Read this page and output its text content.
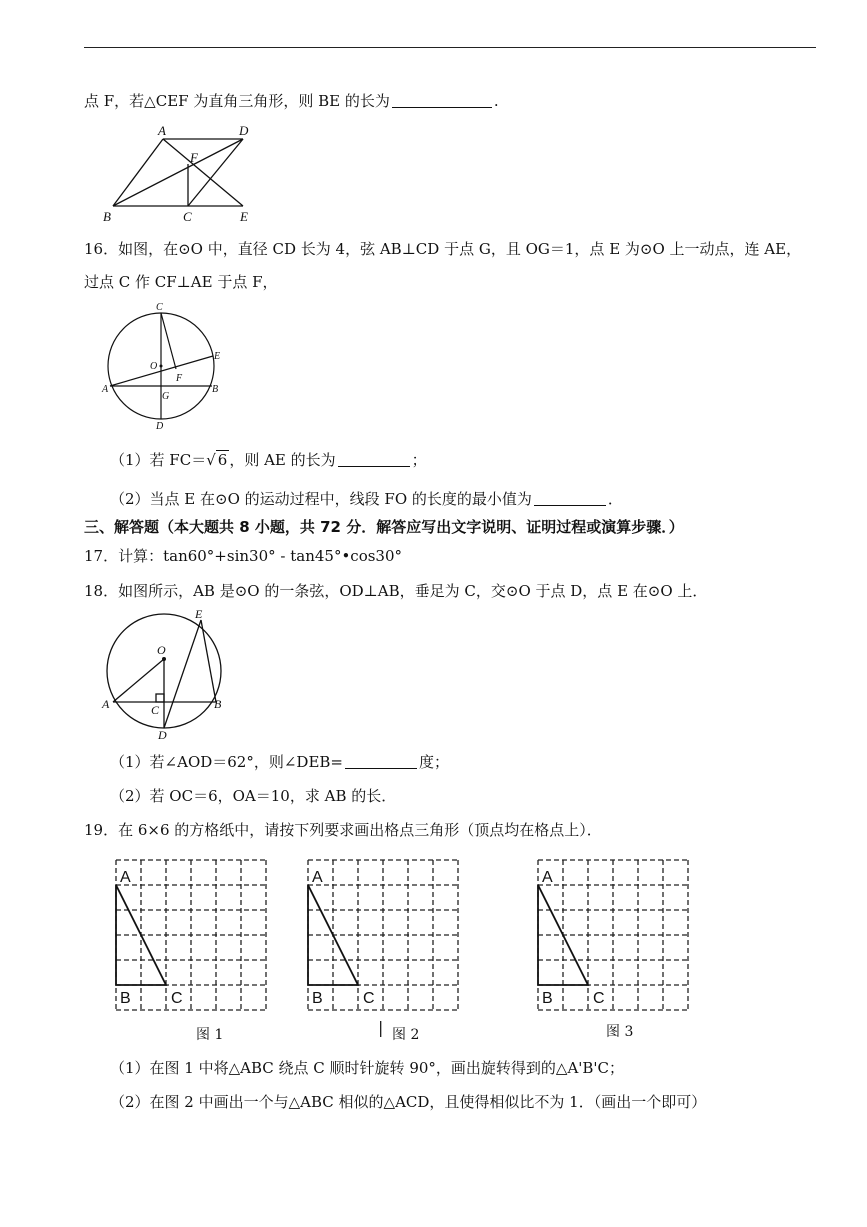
点 F，若△CEF 为直角三角形，则 BE 的长为	.
A	D
F
B	C	E
16．如图，在⊙O 中，直径 CD 长为 4，弦 AB⊥CD 于点 G，且 OG＝1，点 E 为⊙O 上一动点，连 AE，
过点 C 作 CF⊥AE 于点 F，
C
E
O
F
A	B
G
D
（1）若 FC＝√ 6 ，则 AE 的长为	；
（2）当点 E 在⊙O 的运动过程中，线段 FO 的长度的最小值为	．
三、解答题（本大题共 8 小题，共 72 分．解答应写出文字说明、证明过程或演算步骤．）
17．计算：tan60°+sin30° - tan45°•cos30°
18．如图所示，AB 是⊙O 的一条弦，OD⊥AB，垂足为 C，交⊙O 于点 D，点 E 在⊙O 上．
E
O
A	C	B
D
（1）若∠AOD＝62°，则∠DEB=	度；
（2）若 OC＝6，OA＝10，求 AB 的长．
19．在 6×6 的方格纸中，请按下列要求画出格点三角形（顶点均在格点上）．
A
B	C
A
B	C
A
B	C
图 1	| 图 2	图 3
（1）在图 1 中将△ABC 绕点 C 顺时针旋转 90°，画出旋转得到的△A'B'C；
（2）在图 2 中画出一个与△ABC 相似的△ACD，且使得相似比不为 1．（画出一个即可）
